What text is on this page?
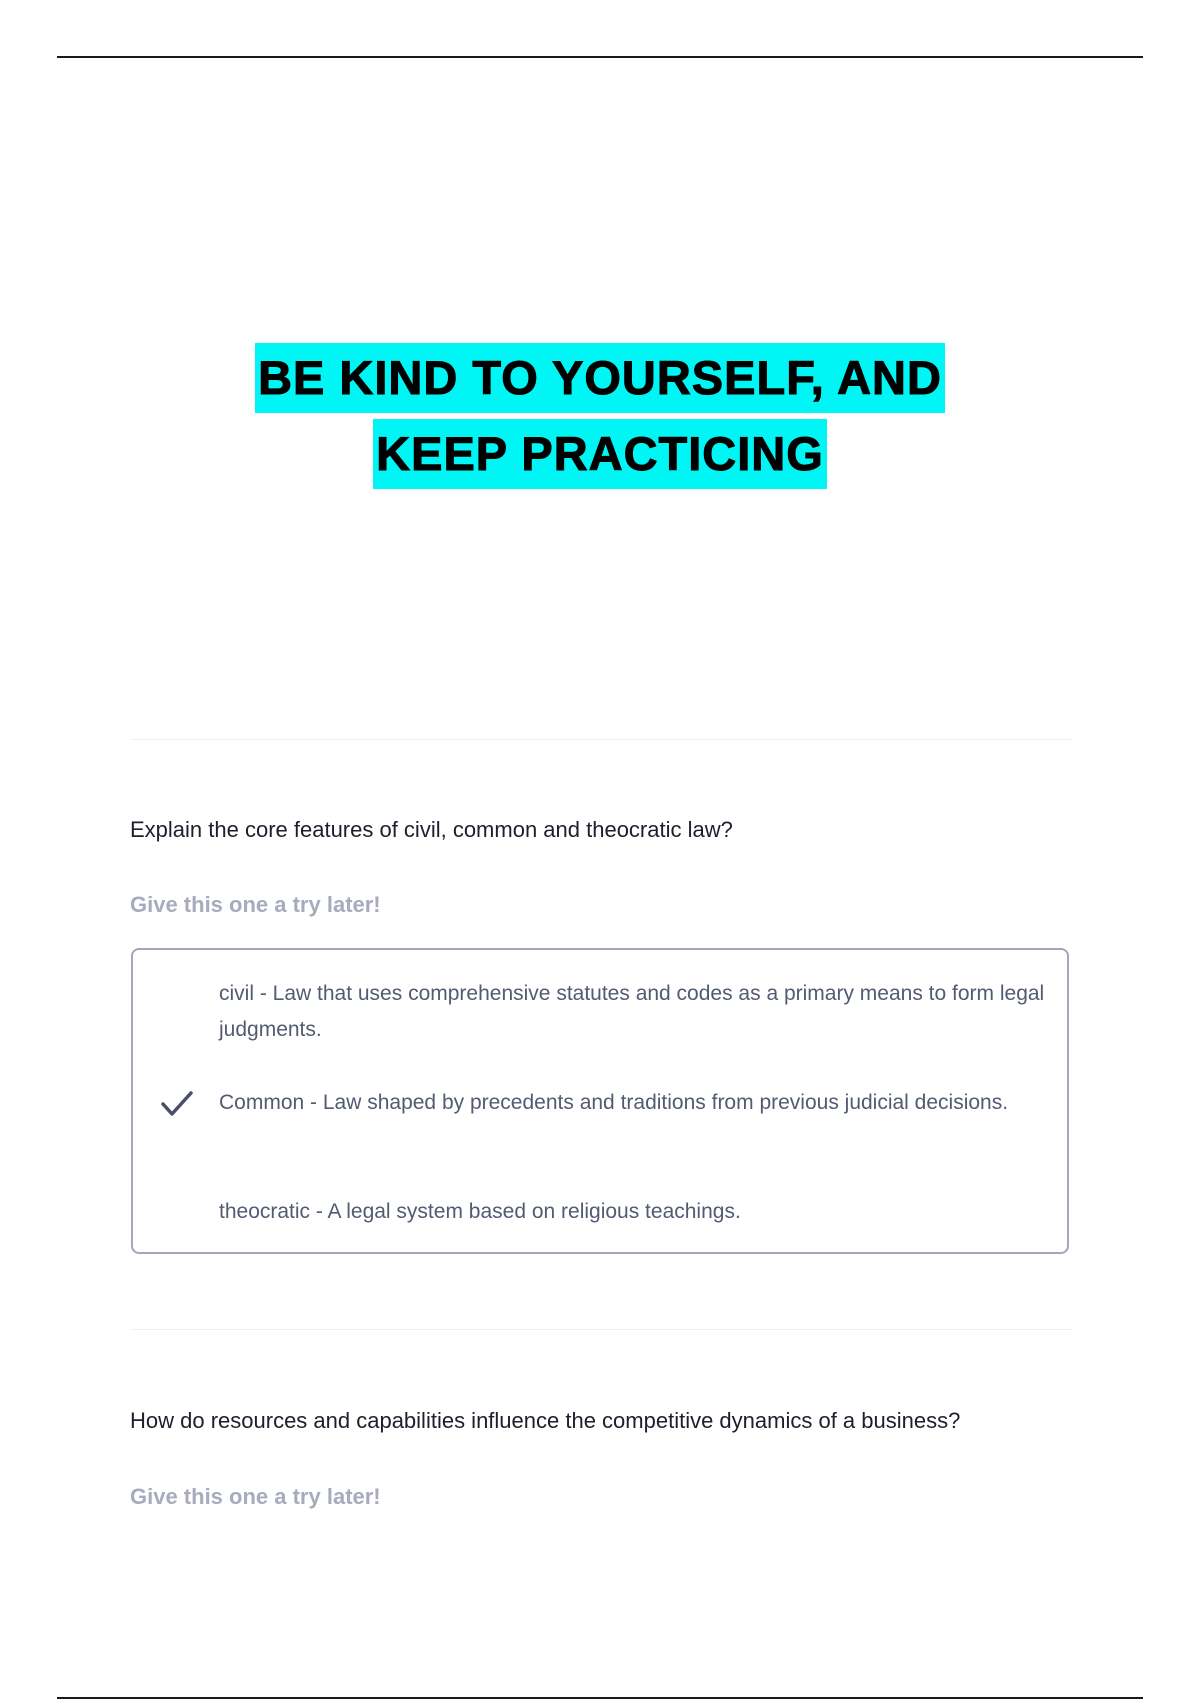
BE KIND TO YOURSELF, AND
KEEP PRACTICING
Explain the core features of civil, common and theocratic law?
Give this one a try later!
civil - Law that uses comprehensive statutes and codes as a primary means to form legal judgments.
Common - Law shaped by precedents and traditions from previous judicial decisions.
theocratic - A legal system based on religious teachings.
How do resources and capabilities influence the competitive dynamics of a business?
Give this one a try later!
